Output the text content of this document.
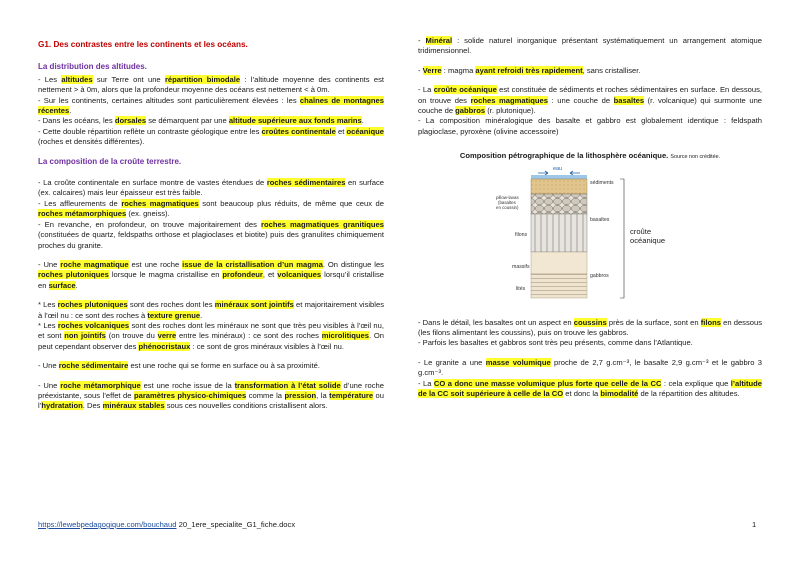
G1. Des contrastes entre les continents et les océans.

La distribution des altitudes.

- Les altitudes sur Terre ont une répartition bimodale : l’altitude moyenne des continents est nettement > à 0m, alors que la profondeur moyenne des océans est nettement < à 0m.

- Sur les continents, certaines altitudes sont particulièrement élevées : les chaînes de montagnes récentes.

- Dans les océans, les dorsales se démarquent par une altitude supérieure aux fonds marins.

- Cette double répartition reflète un contraste géologique entre les croûtes continentale et océanique (roches et densités différentes).

La composition de la croûte terrestre.

- La croûte continentale en surface montre de vastes étendues de roches sédimentaires en surface (ex. calcaires) mais leur épaisseur est très faible.

- Les affleurements de roches magmatiques sont beaucoup plus réduits, de même que ceux de roches métamorphiques (ex. gneiss).

- En revanche, en profondeur, on trouve majoritairement des roches magmatiques granitiques (constituées de quartz, feldspaths orthose et plagioclases et biotite) puis des granulites chimiquement proches du granite.

- Une roche magmatique est une roche issue de la cristallisation d’un magma. On distingue les roches plutoniques lorsque le magma cristallise en profondeur, et volcaniques lorsqu’il cristallise en surface.

* Les roches plutoniques sont des roches dont les minéraux sont jointifs et majoritairement visibles à l’œil nu : ce sont des roches à texture grenue.

* Les roches volcaniques sont des roches dont les minéraux ne sont que très peu visibles à l’œil nu, et sont non jointifs (on trouve du verre entre les minéraux) : ce sont des roches microlitiques. On peut cependant observer des phénocristaux : ce sont de gros minéraux visibles à l’œil nu.

- Une roche sédimentaire est une roche qui se forme en surface ou à sa proximité.

- Une roche métamorphique est une roche issue de la transformation à l’état solide d’une roche préexistante, sous l’effet de paramètres physico-chimiques comme la pression, la température ou l’hydratation. Des minéraux stables sous ces nouvelles conditions cristallisent alors.

- Minéral : solide naturel inorganique présentant systématiquement un arrangement atomique tridimensionnel.

- Verre : magma ayant refroidi très rapidement, sans cristalliser.

- La croûte océanique est constituée de sédiments et roches sédimentaires en surface. En dessous, on trouve des roches magmatiques : une couche de basaltes (r. volcanique) qui surmonte une couche de gabbros (r. plutonique).

- La composition minéralogique des basalte et gabbro est globalement identique : feldspath plagioclase, pyroxène (olivine accessoire)

Composition pétrographique de la lithosphère océanique. Source non créditée.

eau
sédiments
pillow-lavas
(basaltes
en coussin)
basaltes
filons
massifs
gabbros
lités
croûte
océanique

- Dans le détail, les basaltes ont un aspect en coussins près de la surface, sont en filons en dessous (les filons alimentant les coussins), puis on trouve les gabbros.

- Parfois les basaltes et gabbros sont très peu présents, comme dans l’Atlantique.

- Le granite a une masse volumique proche de 2,7 g.cm⁻³, le basalte 2,9 g.cm⁻³ et le gabbro 3 g.cm⁻³.

- La CO a donc une masse volumique plus forte que celle de la CC : cela explique que l’altitude de la CC soit supérieure à celle de la CO et donc la bimodalité de la répartition des altitudes.

https://lewebpedagogique.com/bouchaud 20_1ere_specialite_G1_fiche.docx	1
